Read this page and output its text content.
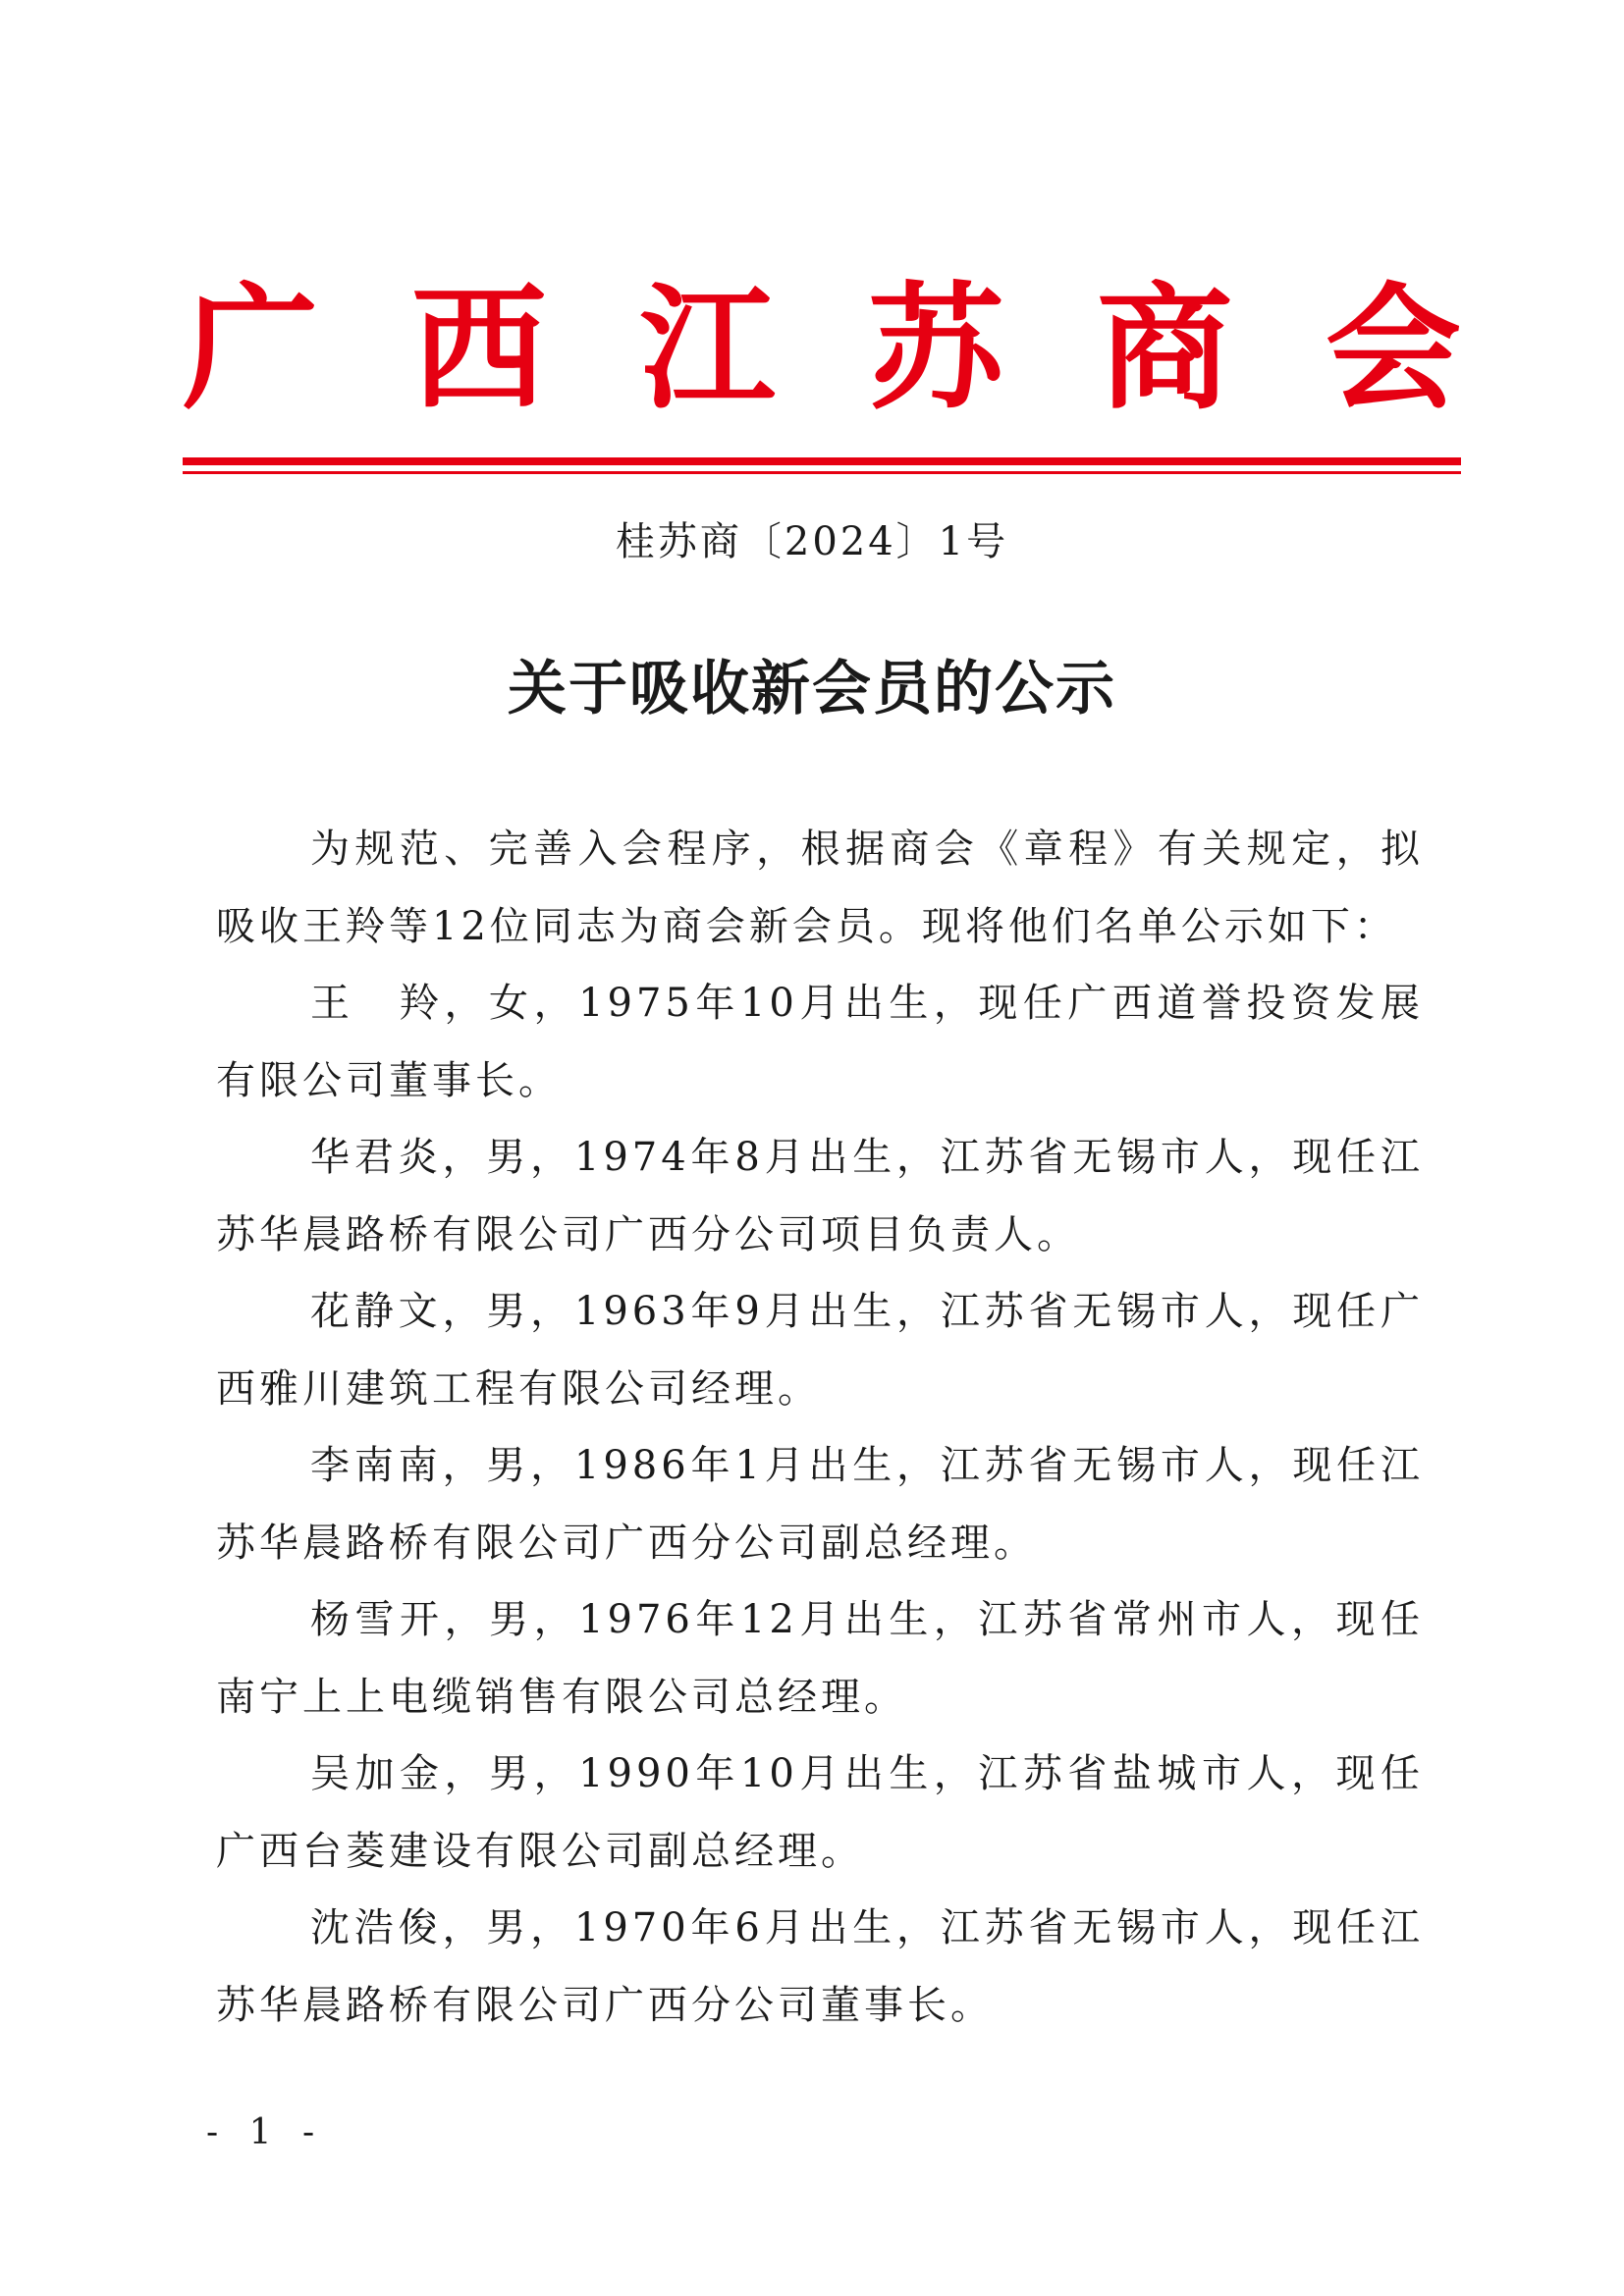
广 西 江 苏 商 会
桂苏商〔2024〕1号
关于吸收新会员的公示

为规范、完善入会程序，根据商会《章程》有关规定，拟吸收王羚等12位同志为商会新会员。现将他们名单公示如下：

王　羚，女，1975年10月出生，现任广西道誉投资发展有限公司董事长。

华君炎，男，1974年8月出生，江苏省无锡市人，现任江苏华晨路桥有限公司广西分公司项目负责人。

花静文，男，1963年9月出生，江苏省无锡市人，现任广西雅川建筑工程有限公司经理。

李南南，男，1986年1月出生，江苏省无锡市人，现任江苏华晨路桥有限公司广西分公司副总经理。

杨雪开，男，1976年12月出生，江苏省常州市人，现任南宁上上电缆销售有限公司总经理。

吴加金，男，1990年10月出生，江苏省盐城市人，现任广西台菱建设有限公司副总经理。

沈浩俊，男，1970年6月出生，江苏省无锡市人，现任江苏华晨路桥有限公司广西分公司董事长。

- 1 -
